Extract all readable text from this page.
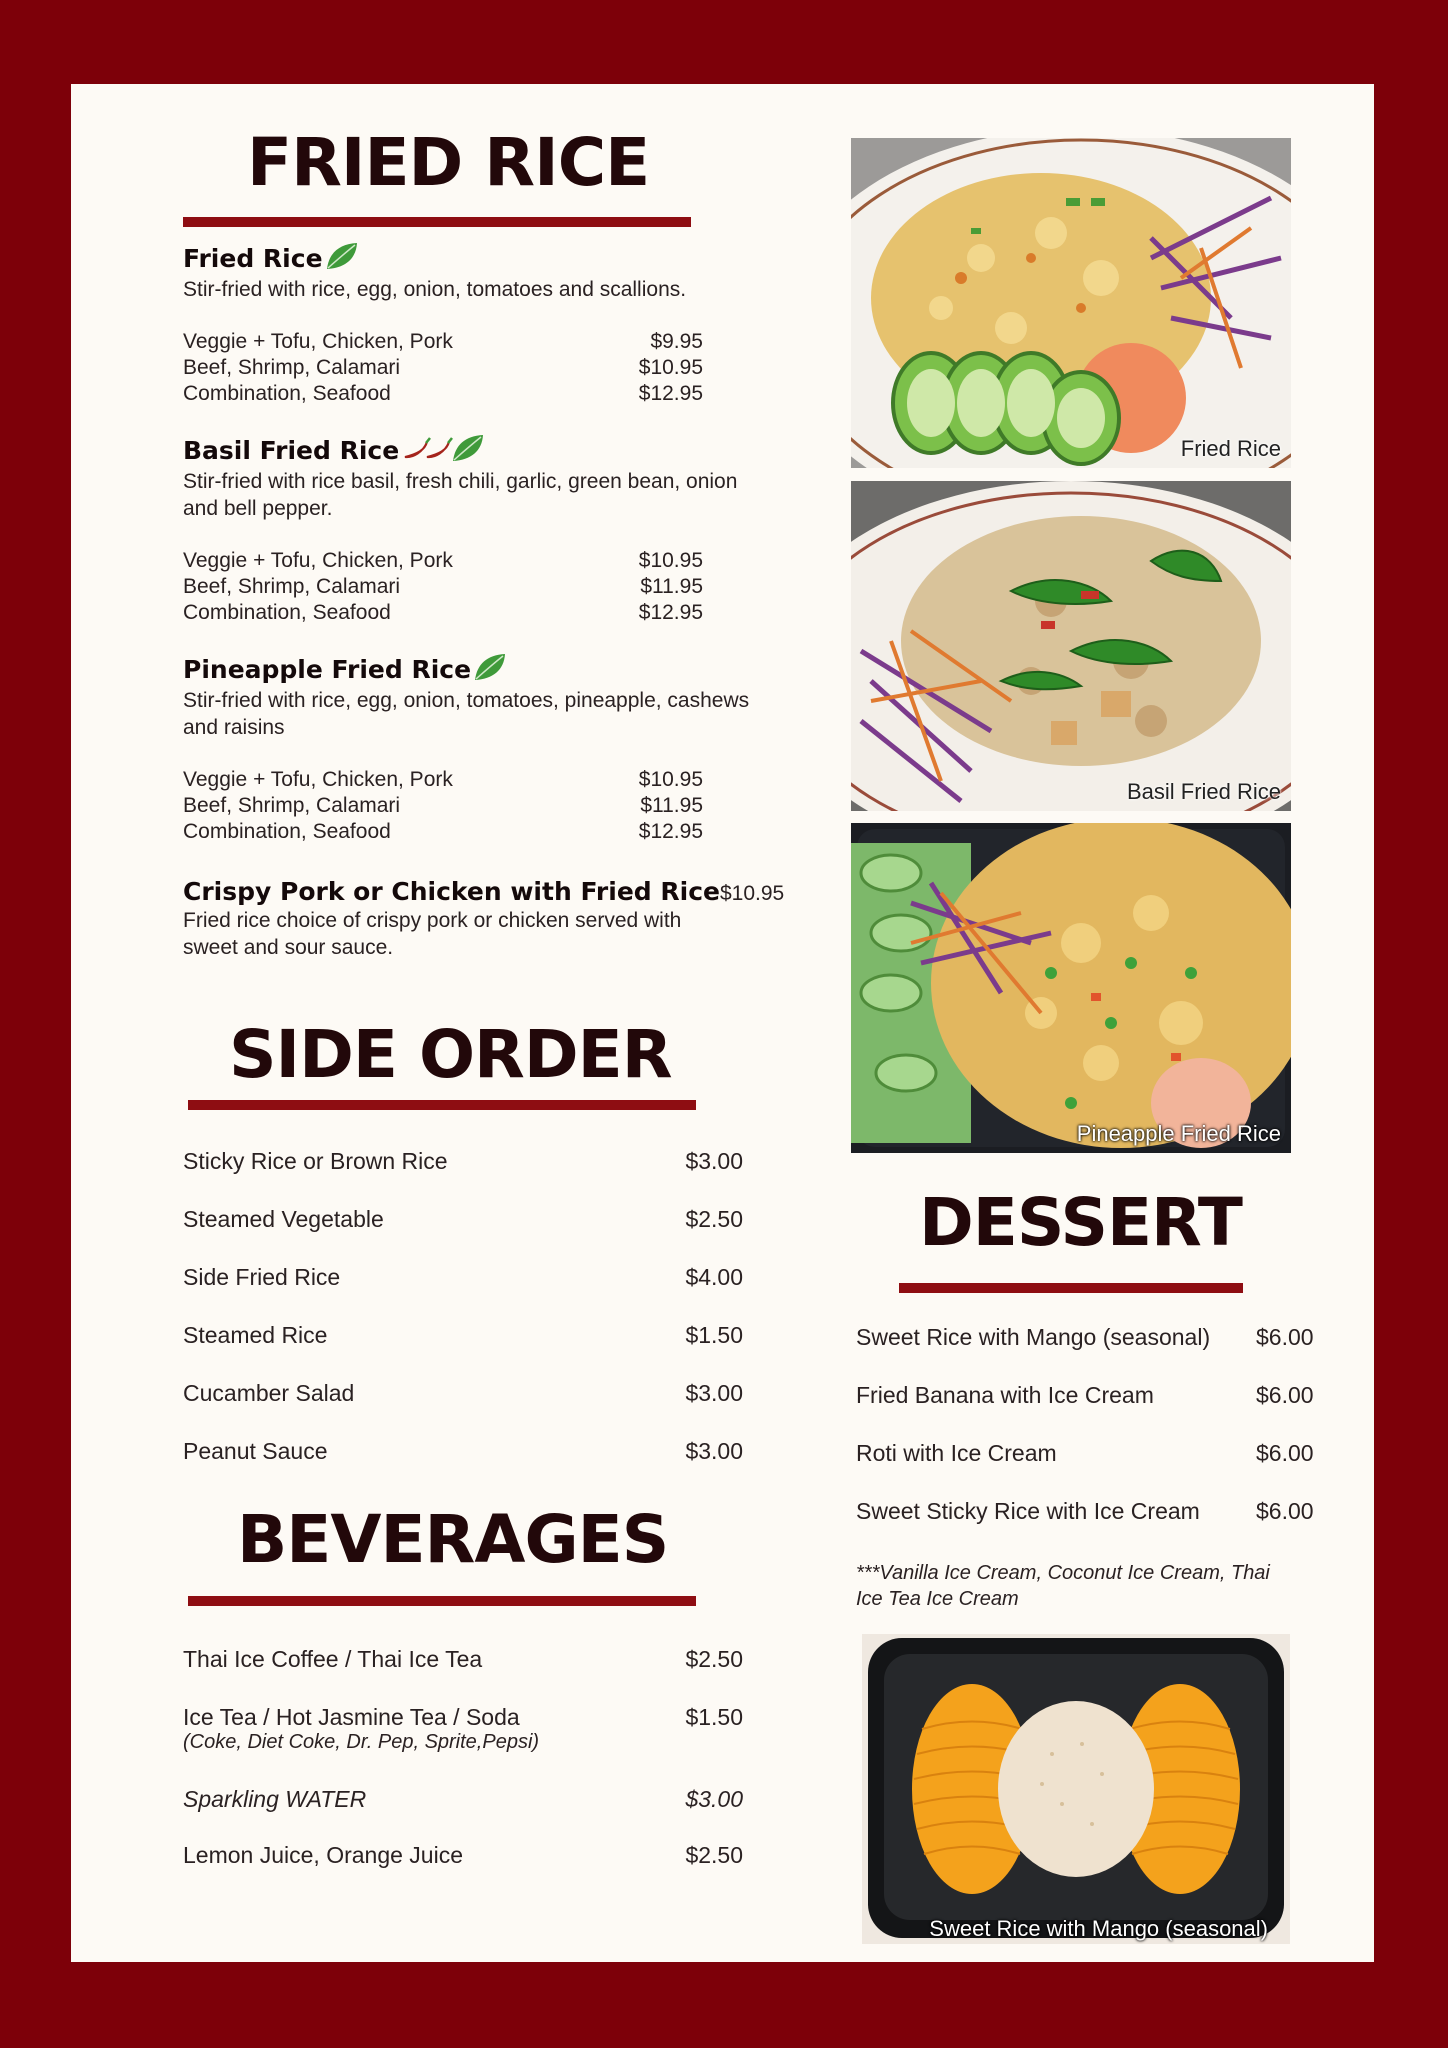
FRIED RICE
Fried Rice
Stir-fried with rice, egg, onion, tomatoes and scallions.
Veggie + Tofu, Chicken, Pork	$9.95
Beef, Shrimp, Calamari	$10.95
Combination, Seafood	$12.95
Basil Fried Rice
Stir-fried with rice basil, fresh chili, garlic, green bean, onion and bell pepper.
Veggie + Tofu, Chicken, Pork	$10.95
Beef, Shrimp, Calamari	$11.95
Combination, Seafood	$12.95
Pineapple Fried Rice
Stir-fried with rice, egg, onion, tomatoes, pineapple, cashews and raisins
Veggie + Tofu, Chicken, Pork	$10.95
Beef, Shrimp, Calamari	$11.95
Combination, Seafood	$12.95
Crispy Pork or Chicken with Fried Rice $10.95
Fried rice choice of crispy pork or chicken served with sweet and sour sauce.
SIDE ORDER
Sticky Rice or Brown Rice	$3.00
Steamed Vegetable	$2.50
Side Fried Rice	$4.00
Steamed Rice	$1.50
Cucamber Salad	$3.00
Peanut Sauce	$3.00
BEVERAGES
Thai Ice Coffee / Thai Ice Tea	$2.50
Ice Tea / Hot Jasmine Tea / Soda	$1.50
(Coke, Diet Coke, Dr. Pep, Sprite,Pepsi)
Sparkling WATER	$3.00
Lemon Juice, Orange Juice	$2.50
Fried Rice
Basil Fried Rice
Pineapple Fried Rice
DESSERT
Sweet Rice with Mango (seasonal)	$6.00
Fried Banana with Ice Cream	$6.00
Roti with Ice Cream	$6.00
Sweet Sticky Rice with Ice Cream	$6.00
***Vanilla Ice Cream, Coconut Ice Cream, Thai Ice Tea Ice Cream
Sweet Rice with Mango (seasonal)
